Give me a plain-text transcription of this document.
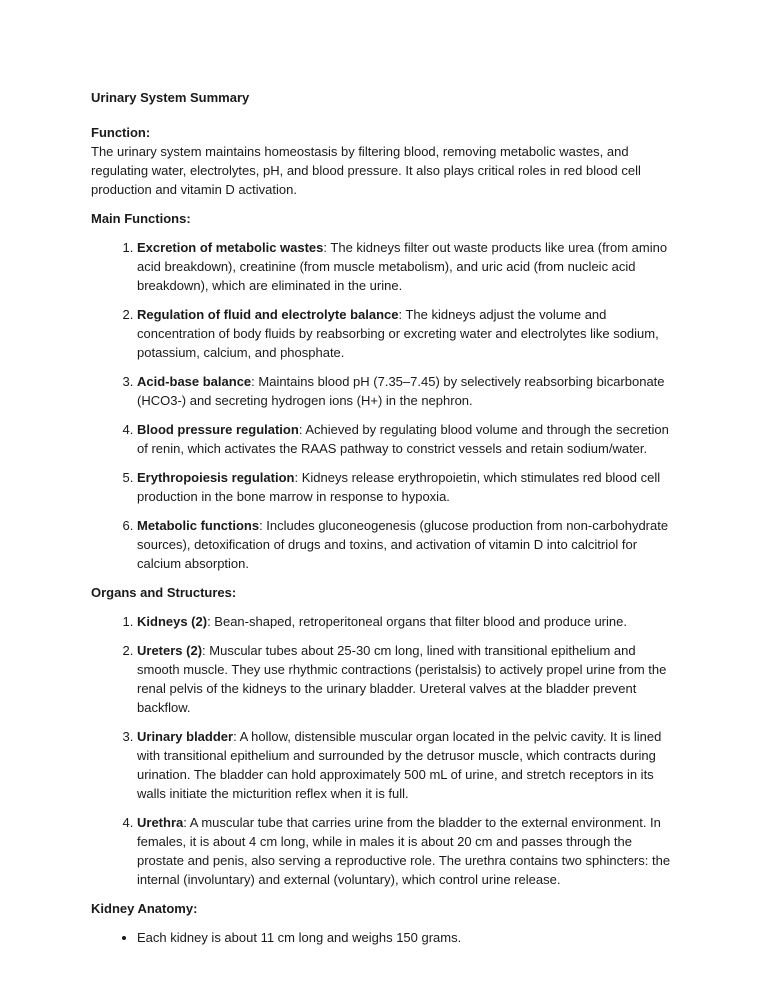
Urinary System Summary

Function:
The urinary system maintains homeostasis by filtering blood, removing metabolic wastes, and regulating water, electrolytes, pH, and blood pressure. It also plays critical roles in red blood cell production and vitamin D activation.

Main Functions:

1. Excretion of metabolic wastes: The kidneys filter out waste products like urea (from amino acid breakdown), creatinine (from muscle metabolism), and uric acid (from nucleic acid breakdown), which are eliminated in the urine.
2. Regulation of fluid and electrolyte balance: The kidneys adjust the volume and concentration of body fluids by reabsorbing or excreting water and electrolytes like sodium, potassium, calcium, and phosphate.
3. Acid-base balance: Maintains blood pH (7.35–7.45) by selectively reabsorbing bicarbonate (HCO3-) and secreting hydrogen ions (H+) in the nephron.
4. Blood pressure regulation: Achieved by regulating blood volume and through the secretion of renin, which activates the RAAS pathway to constrict vessels and retain sodium/water.
5. Erythropoiesis regulation: Kidneys release erythropoietin, which stimulates red blood cell production in the bone marrow in response to hypoxia.
6. Metabolic functions: Includes gluconeogenesis (glucose production from non-carbohydrate sources), detoxification of drugs and toxins, and activation of vitamin D into calcitriol for calcium absorption.

Organs and Structures:

1. Kidneys (2): Bean-shaped, retroperitoneal organs that filter blood and produce urine.
2. Ureters (2): Muscular tubes about 25-30 cm long, lined with transitional epithelium and smooth muscle. They use rhythmic contractions (peristalsis) to actively propel urine from the renal pelvis of the kidneys to the urinary bladder. Ureteral valves at the bladder prevent backflow.
3. Urinary bladder: A hollow, distensible muscular organ located in the pelvic cavity. It is lined with transitional epithelium and surrounded by the detrusor muscle, which contracts during urination. The bladder can hold approximately 500 mL of urine, and stretch receptors in its walls initiate the micturition reflex when it is full.
4. Urethra: A muscular tube that carries urine from the bladder to the external environment. In females, it is about 4 cm long, while in males it is about 20 cm and passes through the prostate and penis, also serving a reproductive role. The urethra contains two sphincters: the internal (involuntary) and external (voluntary), which control urine release.

Kidney Anatomy:

• Each kidney is about 11 cm long and weighs 150 grams.
